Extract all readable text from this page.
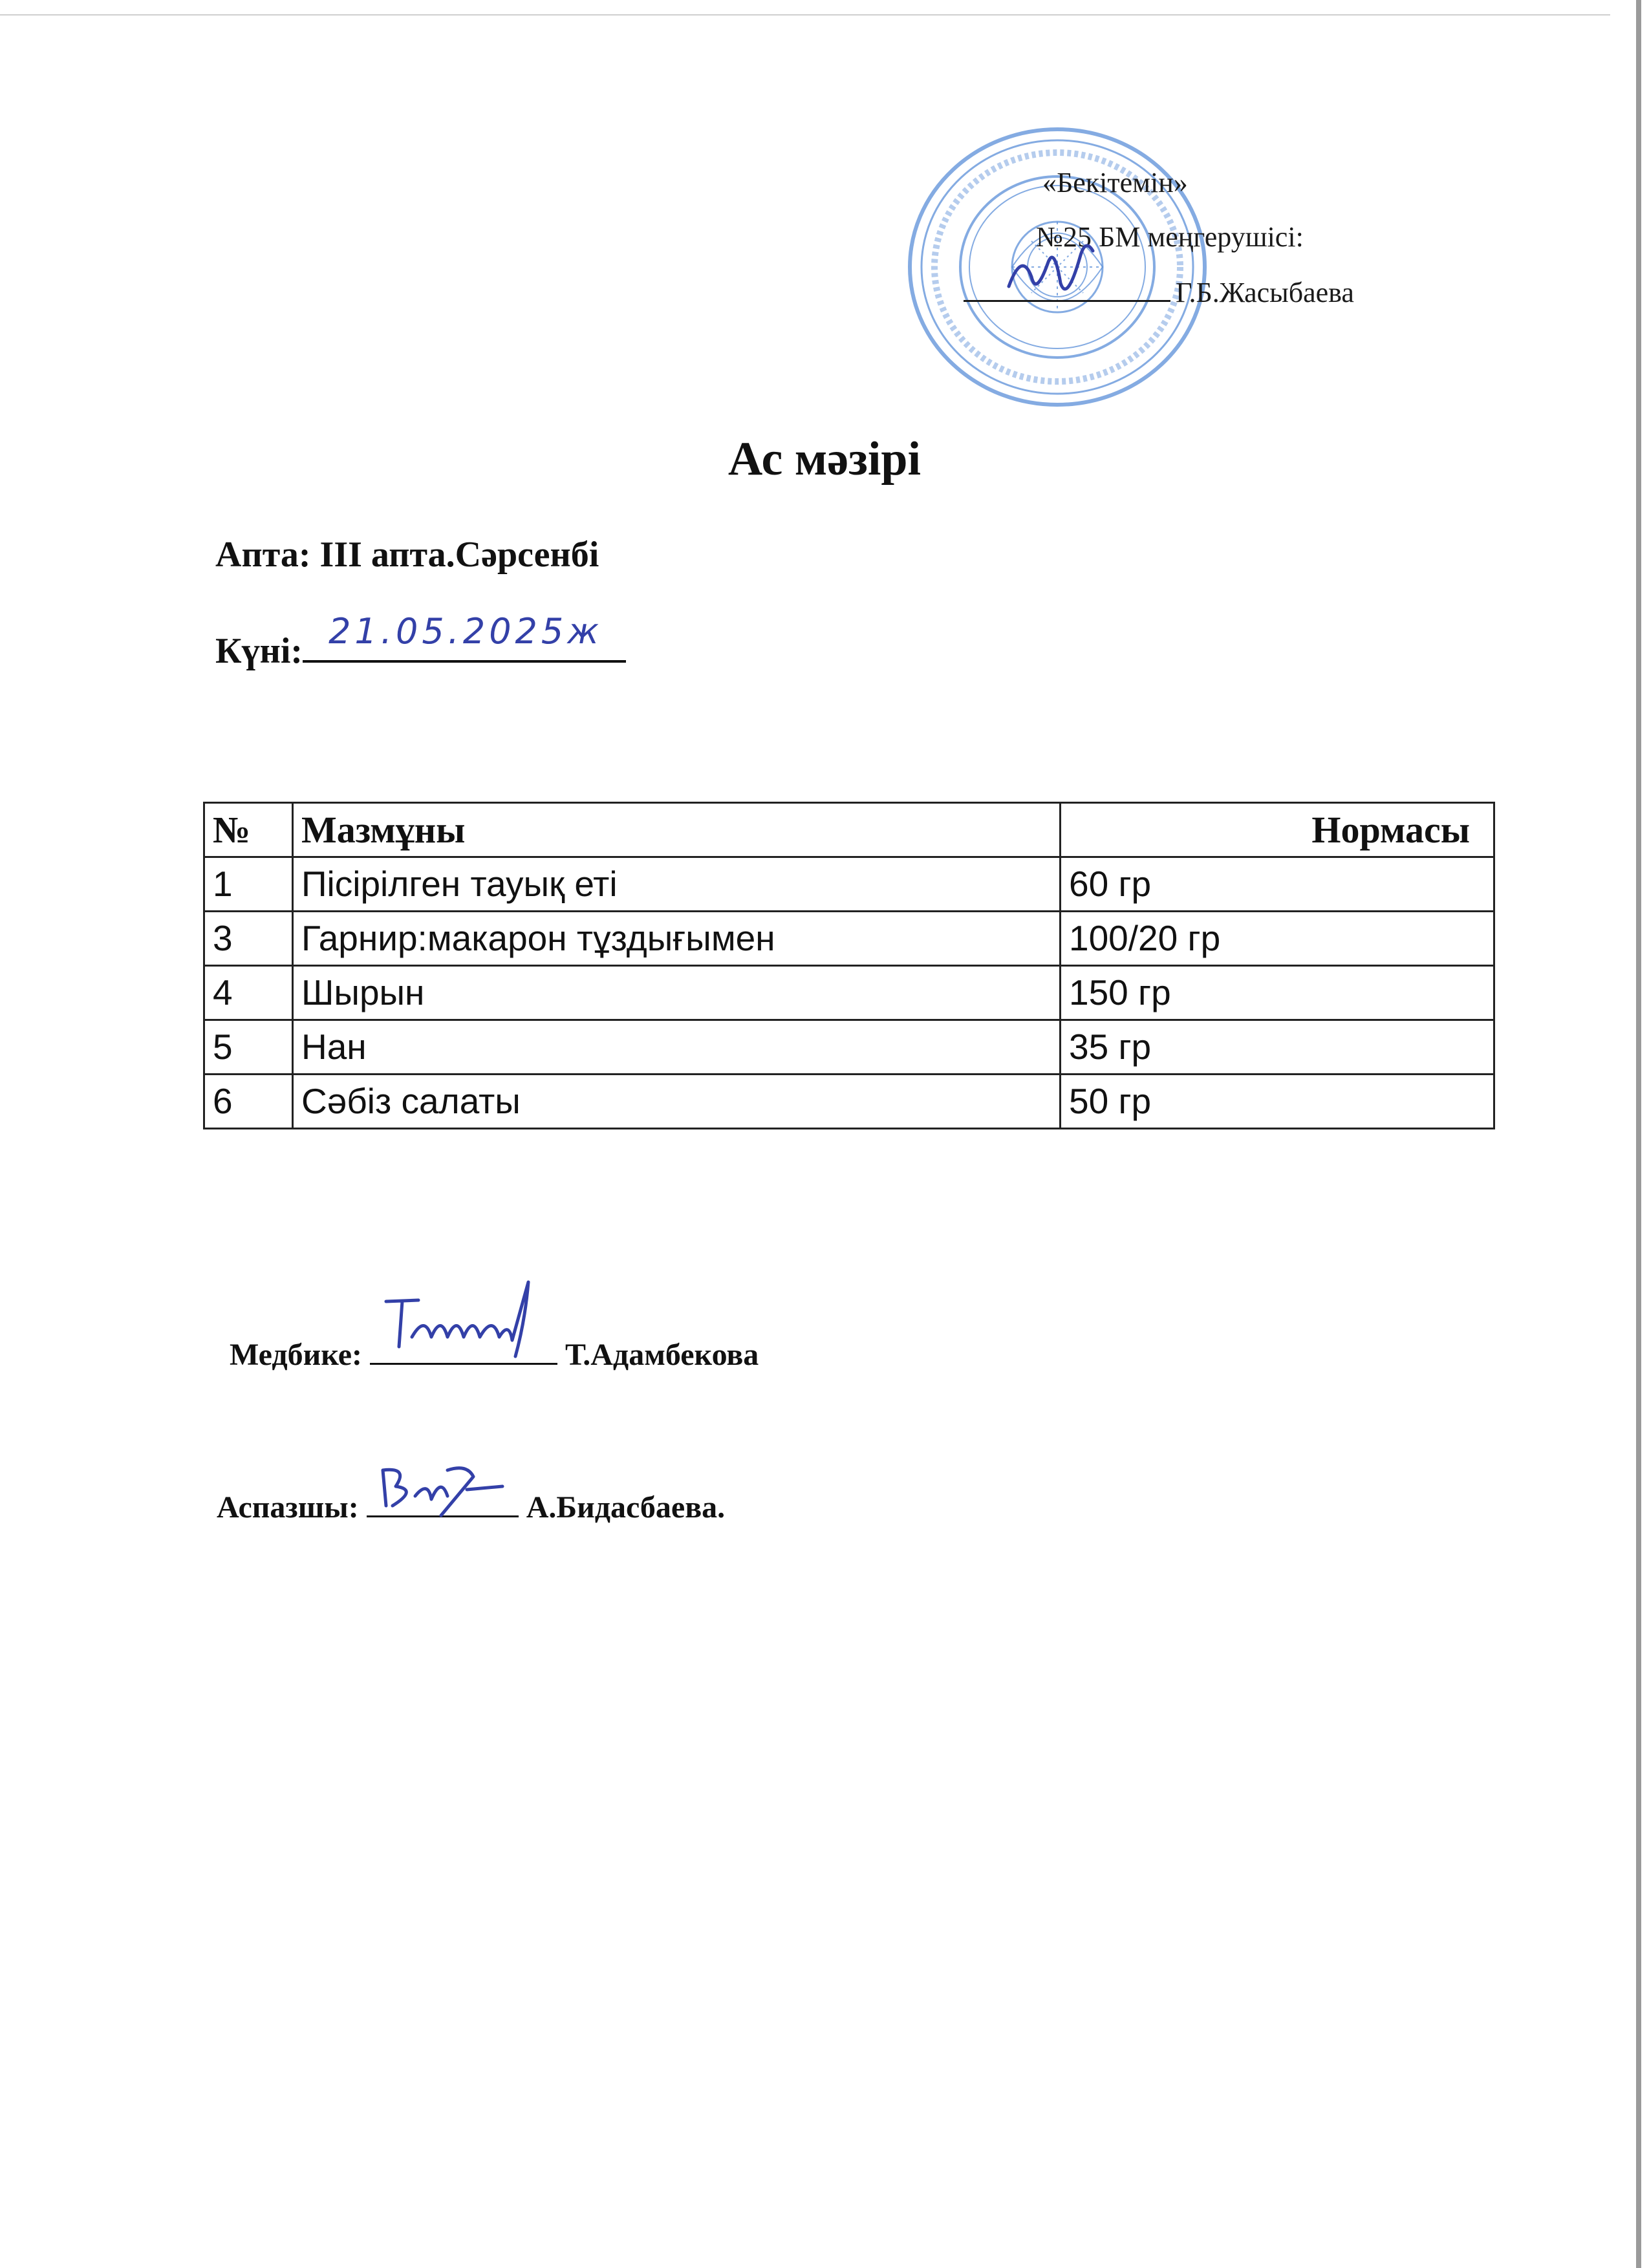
«Бекітемін»
№25 БМ меңгерушісі:
Г.Б.Жасыбаева
Ас мәзірі
Апта: III апта.Сәрсенбі
Күні: 21.05.2025ж
№	Мазмұны	Нормасы
1	Пісірілген тауық еті	60 гр
3	Гарнир:макарон тұздығымен	100/20 гр
4	Шырын	150 гр
5	Нан	35 гр
6	Сәбіз салаты	50 гр
Медбике:	Т.Адамбекова
Аспазшы:	А.Бидасбаева.
